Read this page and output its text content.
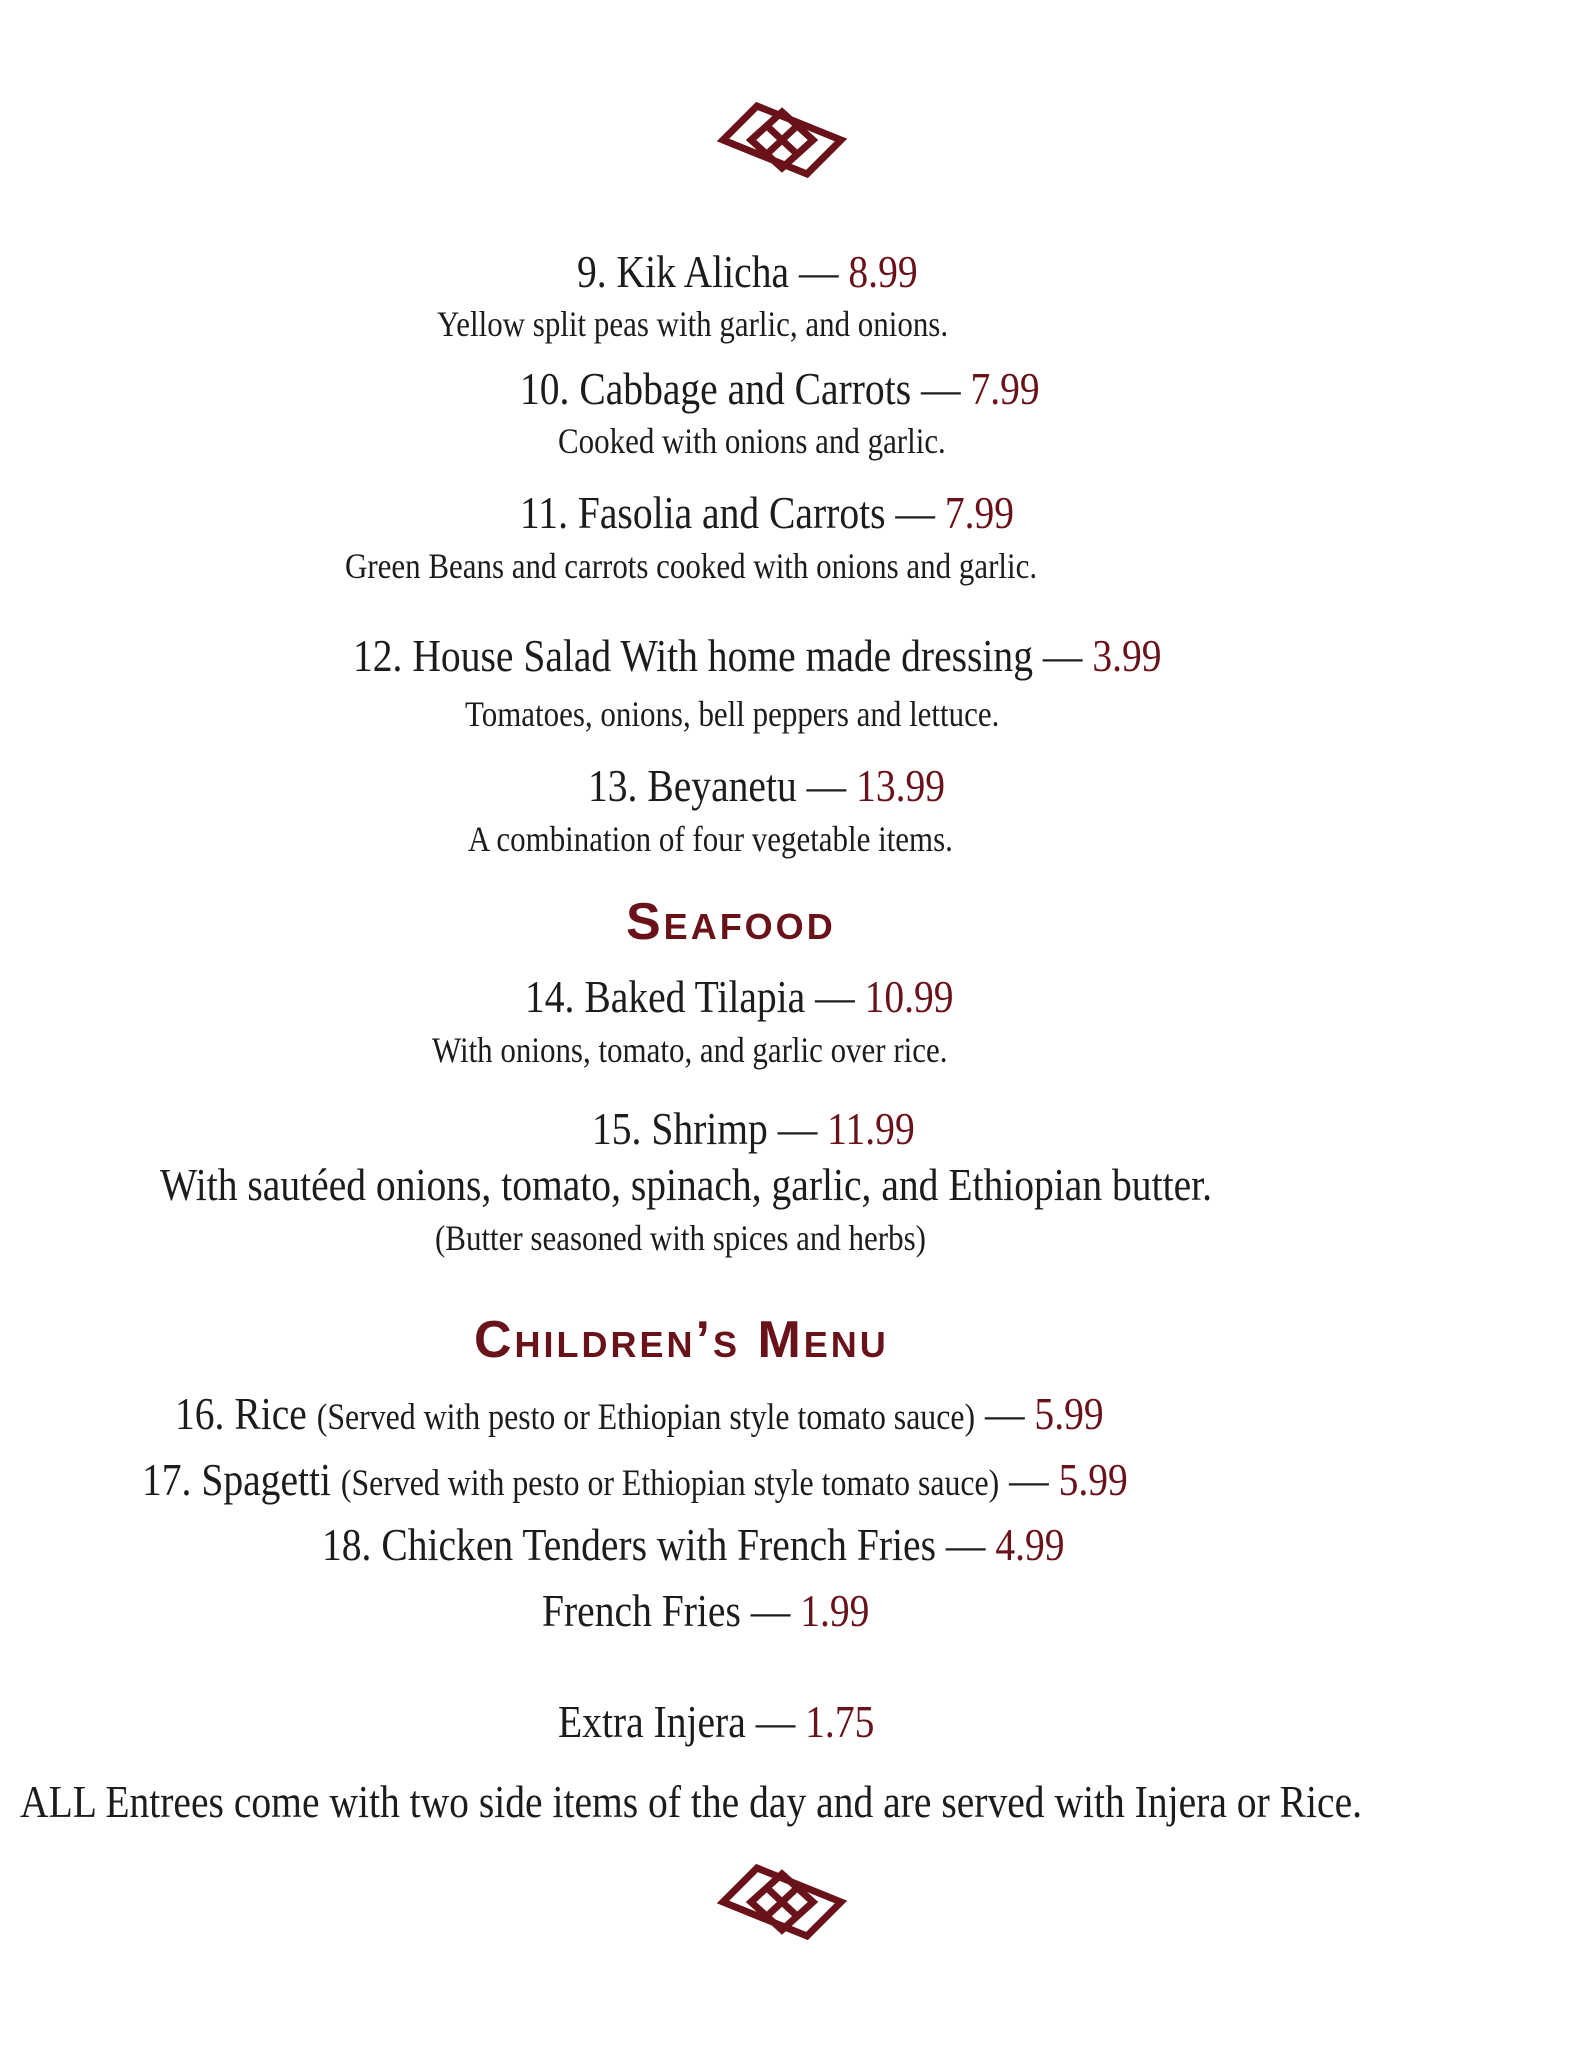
9. Kik Alicha — 8.99
Yellow split peas with garlic, and onions.
10. Cabbage and Carrots — 7.99
Cooked with onions and garlic.
11. Fasolia and Carrots — 7.99
Green Beans and carrots cooked with onions and garlic.
12. House Salad With home made dressing — 3.99
Tomatoes, onions, bell peppers and lettuce.
13. Beyanetu — 13.99
A combination of four vegetable items.
Seafood
14. Baked Tilapia — 10.99
With onions, tomato, and garlic over rice.
15. Shrimp — 11.99
With sautéed onions, tomato, spinach, garlic, and Ethiopian butter.
(Butter seasoned with spices and herbs)
Children’s Menu
16. Rice (Served with pesto or Ethiopian style tomato sauce) — 5.99
17. Spagetti (Served with pesto or Ethiopian style tomato sauce) — 5.99
18. Chicken Tenders with French Fries — 4.99
French Fries — 1.99
Extra Injera — 1.75
ALL Entrees come with two side items of the day and are served with Injera or Rice.
